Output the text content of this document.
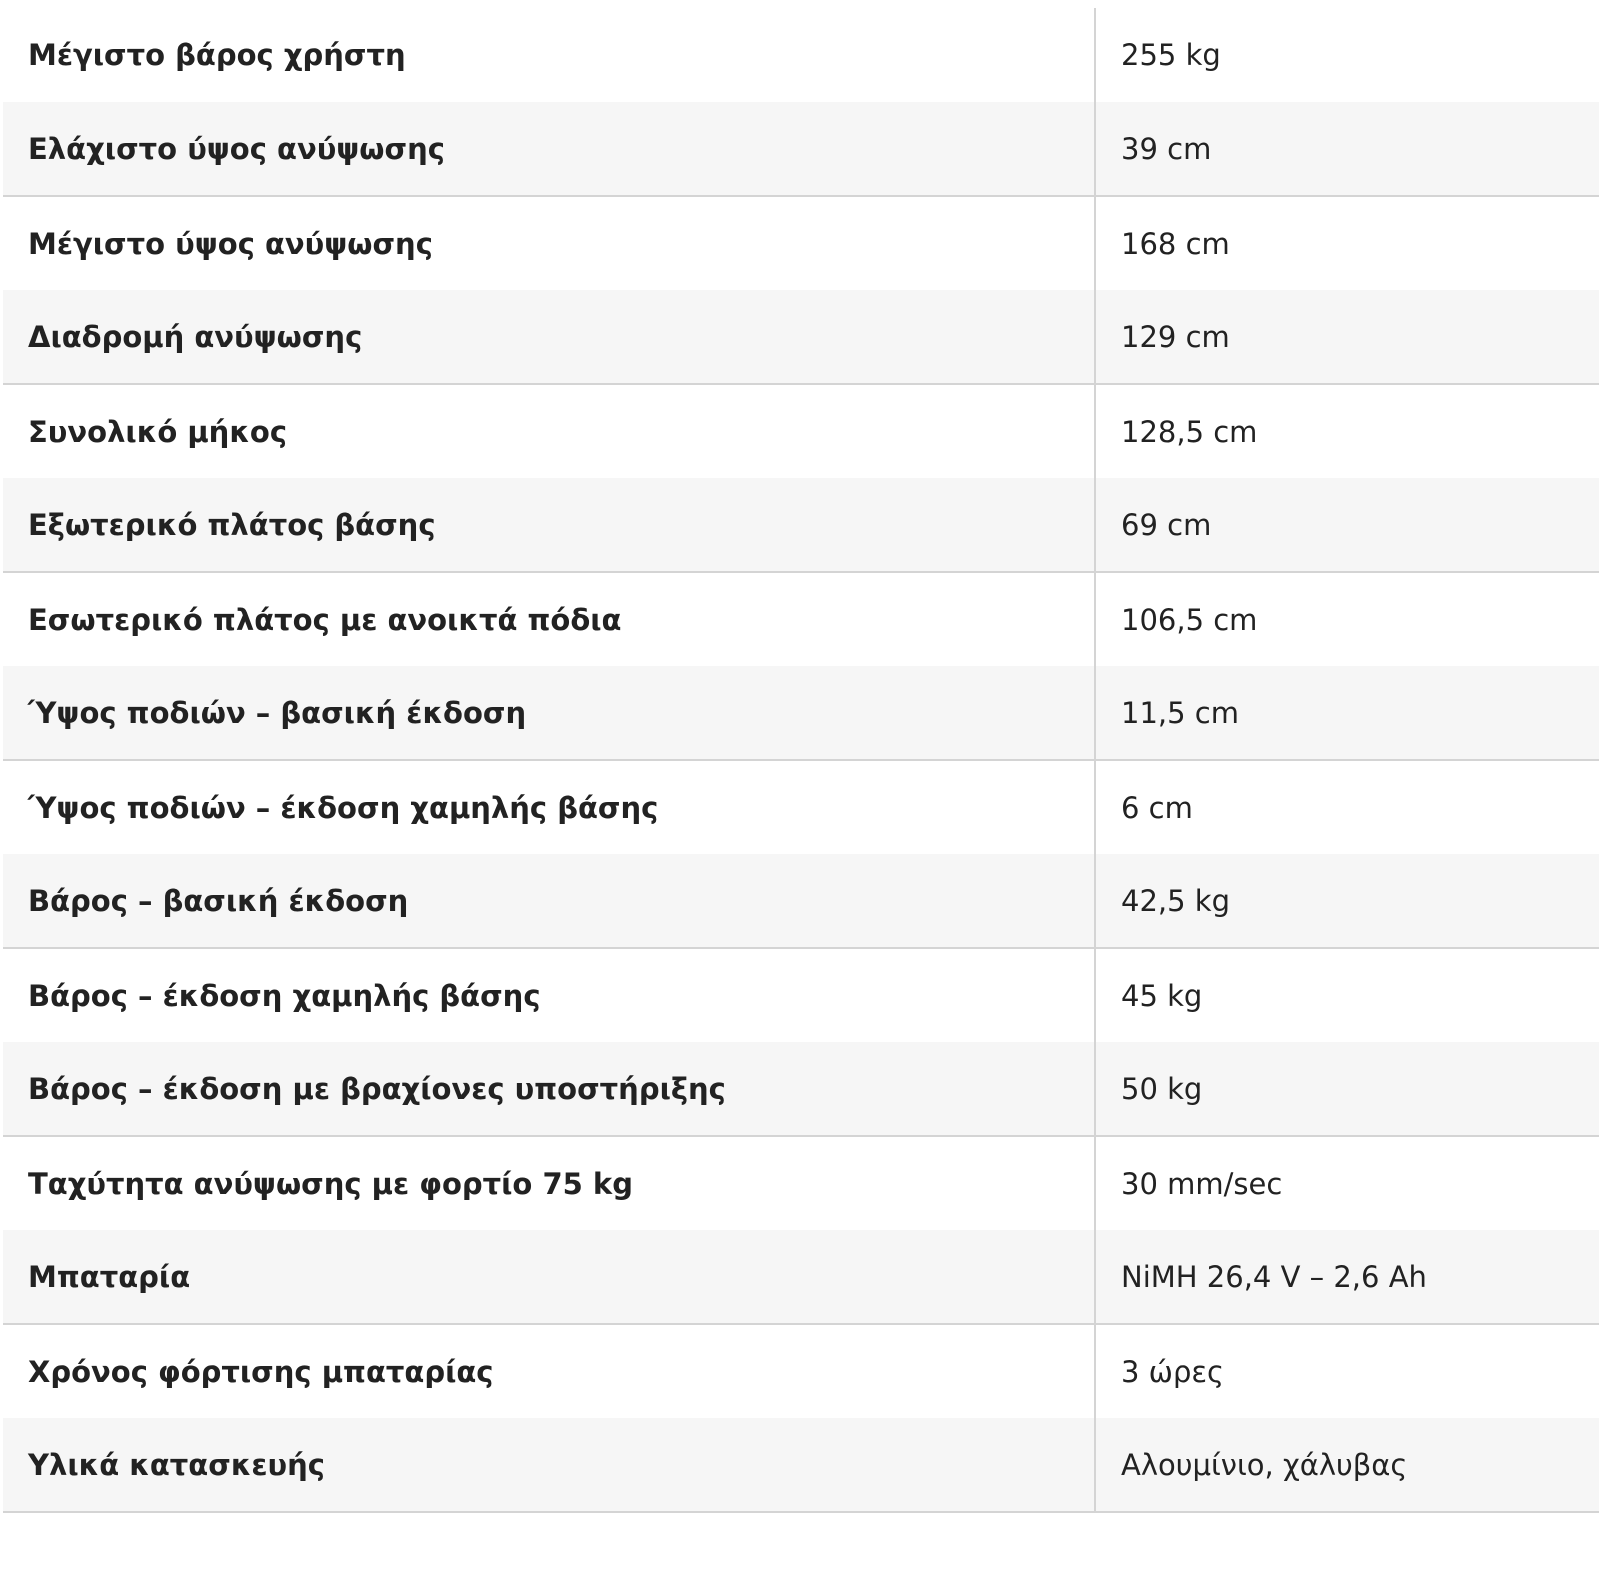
Μέγιστο βάρος χρήστη	255 kg
Ελάχιστο ύψος ανύψωσης	39 cm
Μέγιστο ύψος ανύψωσης	168 cm
Διαδρομή ανύψωσης	129 cm
Συνολικό μήκος	128,5 cm
Εξωτερικό πλάτος βάσης	69 cm
Εσωτερικό πλάτος με ανοικτά πόδια	106,5 cm
Ύψος ποδιών – βασική έκδοση	11,5 cm
Ύψος ποδιών – έκδοση χαμηλής βάσης	6 cm
Βάρος – βασική έκδοση	42,5 kg
Βάρος – έκδοση χαμηλής βάσης	45 kg
Βάρος – έκδοση με βραχίονες υποστήριξης	50 kg
Ταχύτητα ανύψωσης με φορτίο 75 kg	30 mm/sec
Μπαταρία	NiMH 26,4 V – 2,6 Ah
Χρόνος φόρτισης μπαταρίας	3 ώρες
Υλικά κατασκευής	Αλουμίνιο, χάλυβας
